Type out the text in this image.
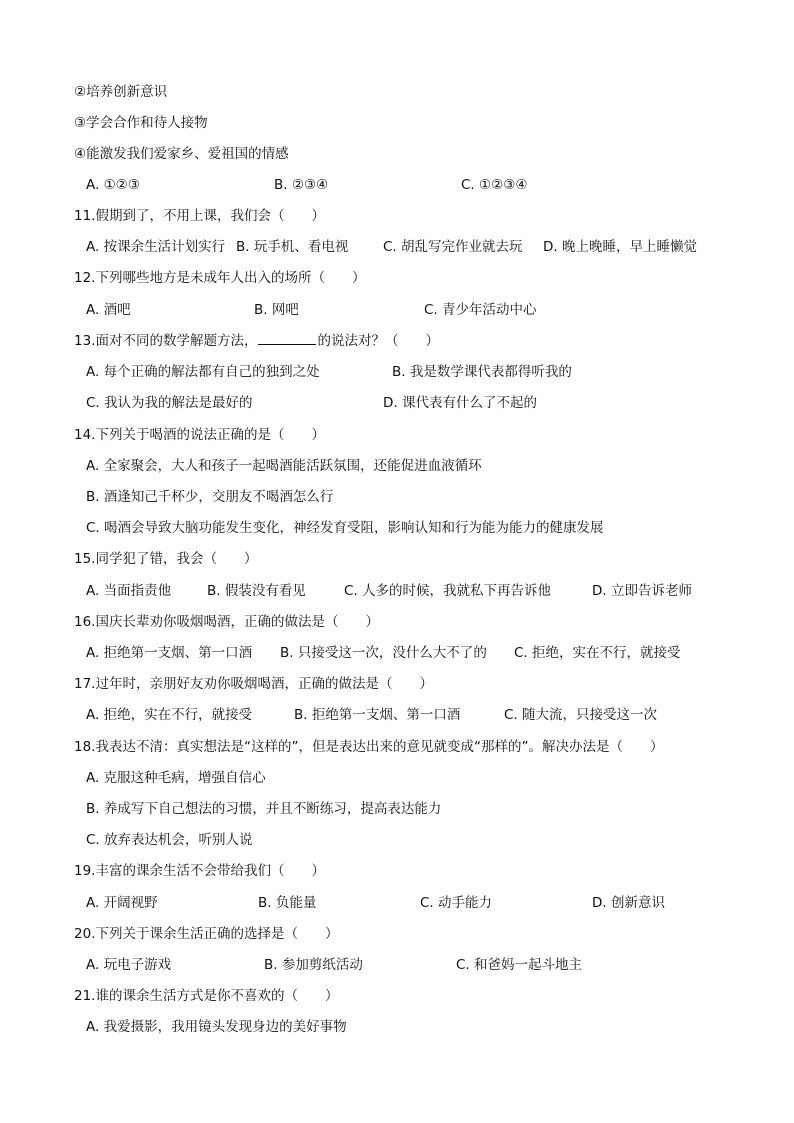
②培养创新意识
③学会合作和待人接物
④能激发我们爱家乡、爱祖国的情感
A. ①②③	B. ②③④	C. ①②③④
11.假期到了，不用上课，我们会（　　）
A. 按课余生活计划实行 B. 玩手机、看电视	C. 胡乱写完作业就去玩 D. 晚上晚睡，早上睡懒觉
12.下列哪些地方是未成年人出入的场所（　　）
A. 酒吧	B. 网吧	C. 青少年活动中心
13.面对不同的数学解题方法，	的说法对？（　　）
A. 每个正确的解法都有自己的独到之处	B. 我是数学课代表都得听我的
C. 我认为我的解法是最好的	D. 课代表有什么了不起的
14.下列关于喝酒的说法正确的是（　　）
A. 全家聚会，大人和孩子一起喝酒能活跃氛围，还能促进血液循环
B. 酒逢知己千杯少，交朋友不喝酒怎么行
C. 喝酒会导致大脑功能发生变化，神经发育受阻，影响认知和行为能为能力的健康发展
15.同学犯了错，我会（　　）
A. 当面指责他	B. 假装没有看见	C. 人多的时候，我就私下再告诉他	D. 立即告诉老师
16.国庆长辈劝你吸烟喝酒，正确的做法是（　　）
A. 拒绝第一支烟、第一口酒 B. 只接受这一次，没什么大不了的 C. 拒绝，实在不行，就接受
17.过年时，亲朋好友劝你吸烟喝酒，正确的做法是（　　）
A. 拒绝，实在不行，就接受	B. 拒绝第一支烟、第一口酒	C. 随大流，只接受这一次
18.我表达不清：真实想法是“这样的”，但是表达出来的意见就变成“那样的”。解决办法是（　　）
A. 克服这种毛病，增强自信心
B. 养成写下自己想法的习惯，并且不断练习，提高表达能力
C. 放弃表达机会，听别人说
19.丰富的课余生活不会带给我们（　　）
A. 开阔视野	B. 负能量	C. 动手能力	D. 创新意识
20.下列关于课余生活正确的选择是（　　）
A. 玩电子游戏	B. 参加剪纸活动	C. 和爸妈一起斗地主
21.谁的课余生活方式是你不喜欢的（　　）
A. 我爱摄影，我用镜头发现身边的美好事物
